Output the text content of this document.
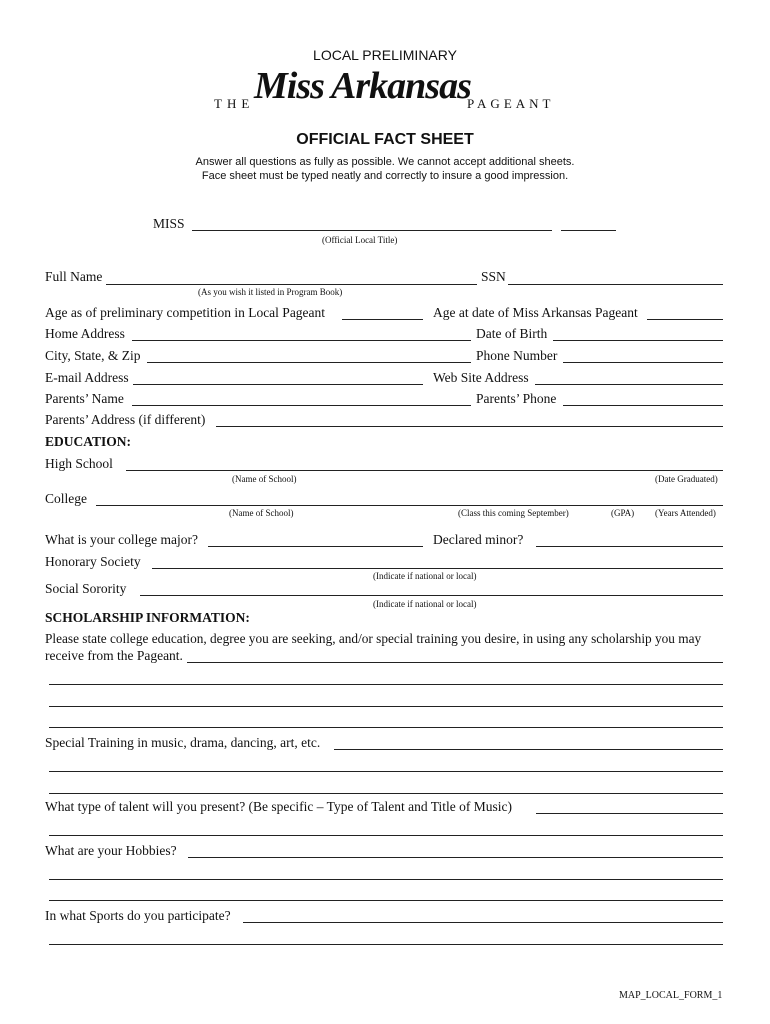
LOCAL PRELIMINARY
THE Miss Arkansas
PAGEANT
OFFICIAL FACT SHEET
Answer all questions as fully as possible. We cannot accept additional sheets.
Face sheet must be typed neatly and correctly to insure a good impression.
MISS
(Official Local Title)
Full Name	SSN
(As you wish it listed in Program Book)
Age as of preliminary competition in Local Pageant	Age at date of Miss Arkansas Pageant
Home Address	Date of Birth
City, State, & Zip	Phone Number
E-mail Address	Web Site Address
Parents’ Name	Parents’ Phone
Parents’ Address (if different)
EDUCATION:
High School
(Name of School)	(Date Graduated)
College
(Name of School)	(Class this coming September)	(GPA) (Years Attended)
What is your college major?	Declared minor?
Honorary Society
(Indicate if national or local)
Social Sorority
(Indicate if national or local)
SCHOLARSHIP INFORMATION:
Please state college education, degree you are seeking, and/or special training you desire, in using any scholarship you may
receive from the Pageant.
Special Training in music, drama, dancing, art, etc.
What type of talent will you present? (Be specific – Type of Talent and Title of Music)
What are your Hobbies?
In what Sports do you participate?
MAP_LOCAL_FORM_1
